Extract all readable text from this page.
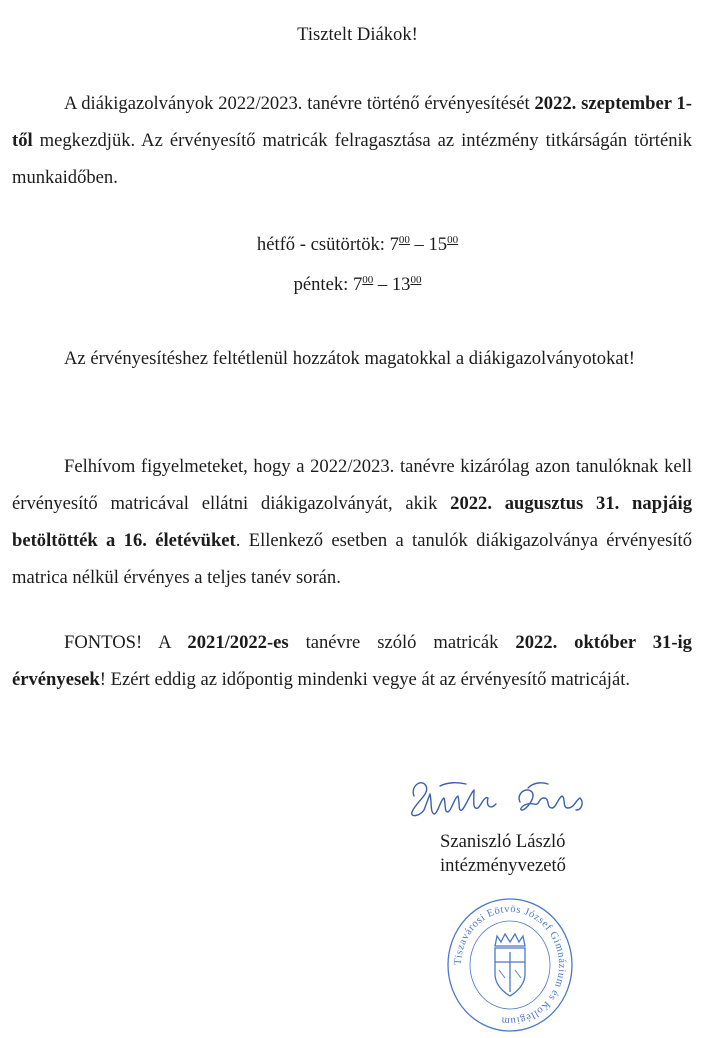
Tisztelt Diákok!

A diákigazolványok 2022/2023. tanévre történő érvényesítését 2022. szeptember 1-től megkezdjük. Az érvényesítő matricák felragasztása az intézmény titkárságán történik munkaidőben.

hétfő - csütörtök: $7^{00} - 15^{00}$
péntek: $7^{00} - 13^{00}$

Az érvényesítéshez feltétlenül hozzátok magatokkal a diákigazolványotokat!

Felhívom figyelmeteket, hogy a 2022/2023. tanévre kizárólag azon tanulóknak kell érvényesítő matricával ellátni diákigazolványát, akik 2022. augusztus 31. napjáig betöltötték a 16. életévüket. Ellenkező esetben a tanulók diákigazolványa érvényesítő matrica nélkül érvényes a teljes tanév során.

FONTOS! A 2021/2022-es tanévre szóló matricák 2022. október 31-ig érvényesek! Ezért eddig az időpontig mindenki vegye át az érvényesítő matricáját.

Szaniszló László
intézményvezető
Tiszavárosi Eötvös József Gimnázium és Kollégium
